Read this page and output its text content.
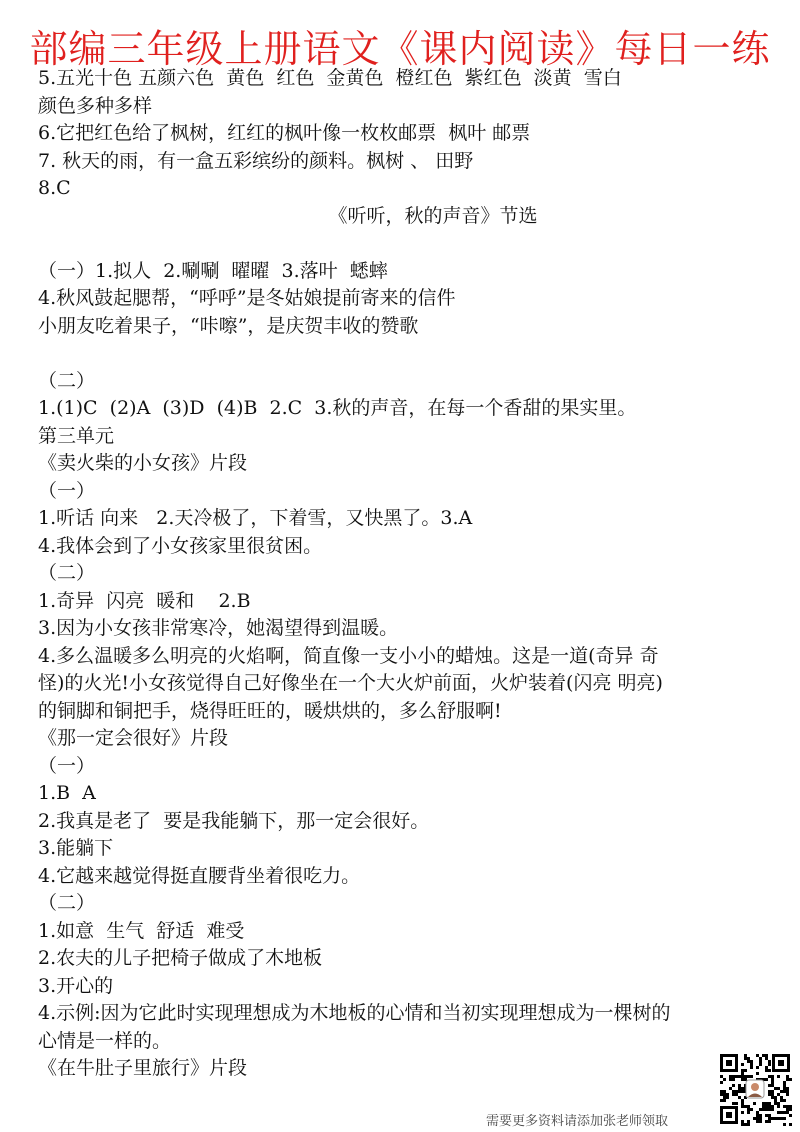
部编三年级上册语文《课内阅读》每日一练
5.五光十色 五颜六色  黄色  红色  金黄色  橙红色  紫红色  淡黄  雪白
颜色多种多样
6.它把红色给了枫树，红红的枫叶像一枚枚邮票  枫叶 邮票
7. 秋天的雨，有一盒五彩缤纷的颜料。枫树 、 田野
8.C
《听听，秋的声音》节选
（一）1.拟人  2.唰唰  曜曜  3.落叶  蟋蟀
4.秋风鼓起腮帮，“呼呼”是冬姑娘提前寄来的信件
小朋友吃着果子，“咔嚓”，是庆贺丰收的赞歌
（二）
1.(1)C  (2)A  (3)D  (4)B  2.C  3.秋的声音，在每一个香甜的果实里。
第三单元
《卖火柴的小女孩》片段
（一）
1.听话 向来   2.天冷极了，下着雪，又快黑了。3.A
4.我体会到了小女孩家里很贫困。
（二）
1.奇异  闪亮  暖和    2.B
3.因为小女孩非常寒冷，她渴望得到温暖。
4.多么温暖多么明亮的火焰啊，简直像一支小小的蜡烛。这是一道(奇异 奇
怪)的火光!小女孩觉得自己好像坐在一个大火炉前面，火炉装着(闪亮 明亮)
的铜脚和铜把手，烧得旺旺的，暖烘烘的，多么舒服啊!
《那一定会很好》片段
（一）
1.B  A
2.我真是老了  要是我能躺下，那一定会很好。
3.能躺下
4.它越来越觉得挺直腰背坐着很吃力。
（二）
1.如意  生气  舒适  难受
2.农夫的儿子把椅子做成了木地板
3.开心的
4.示例:因为它此时实现理想成为木地板的心情和当初实现理想成为一棵树的
心情是一样的。
《在牛肚子里旅行》片段
需要更多资料请添加张老师领取
